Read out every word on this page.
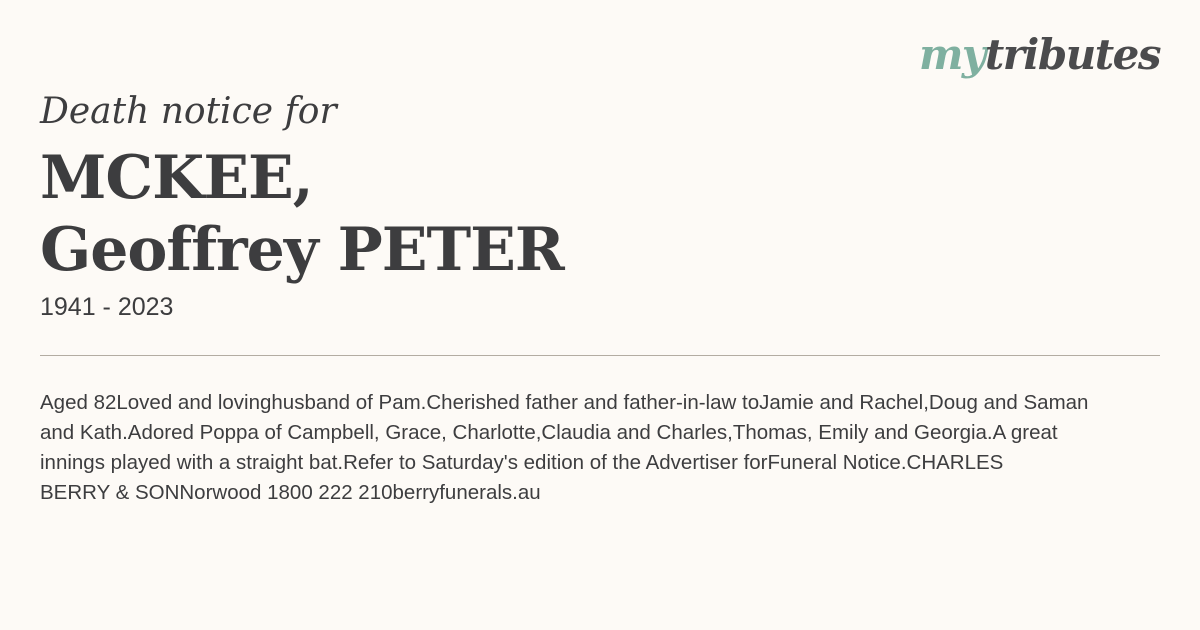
mytributes

Death notice for

MCKEE,
Geoffrey PETER
1941 - 2023
Aged 82Loved and lovinghusband of Pam.Cherished father and father-in-law toJamie and Rachel,Doug and Saman
and Kath.Adored Poppa of Campbell, Grace, Charlotte,Claudia and Charles,Thomas, Emily and Georgia.A great
innings played with a straight bat.Refer to Saturday's edition of the Advertiser forFuneral Notice.CHARLES
BERRY & SONNorwood 1800 222 210berryfunerals.au
